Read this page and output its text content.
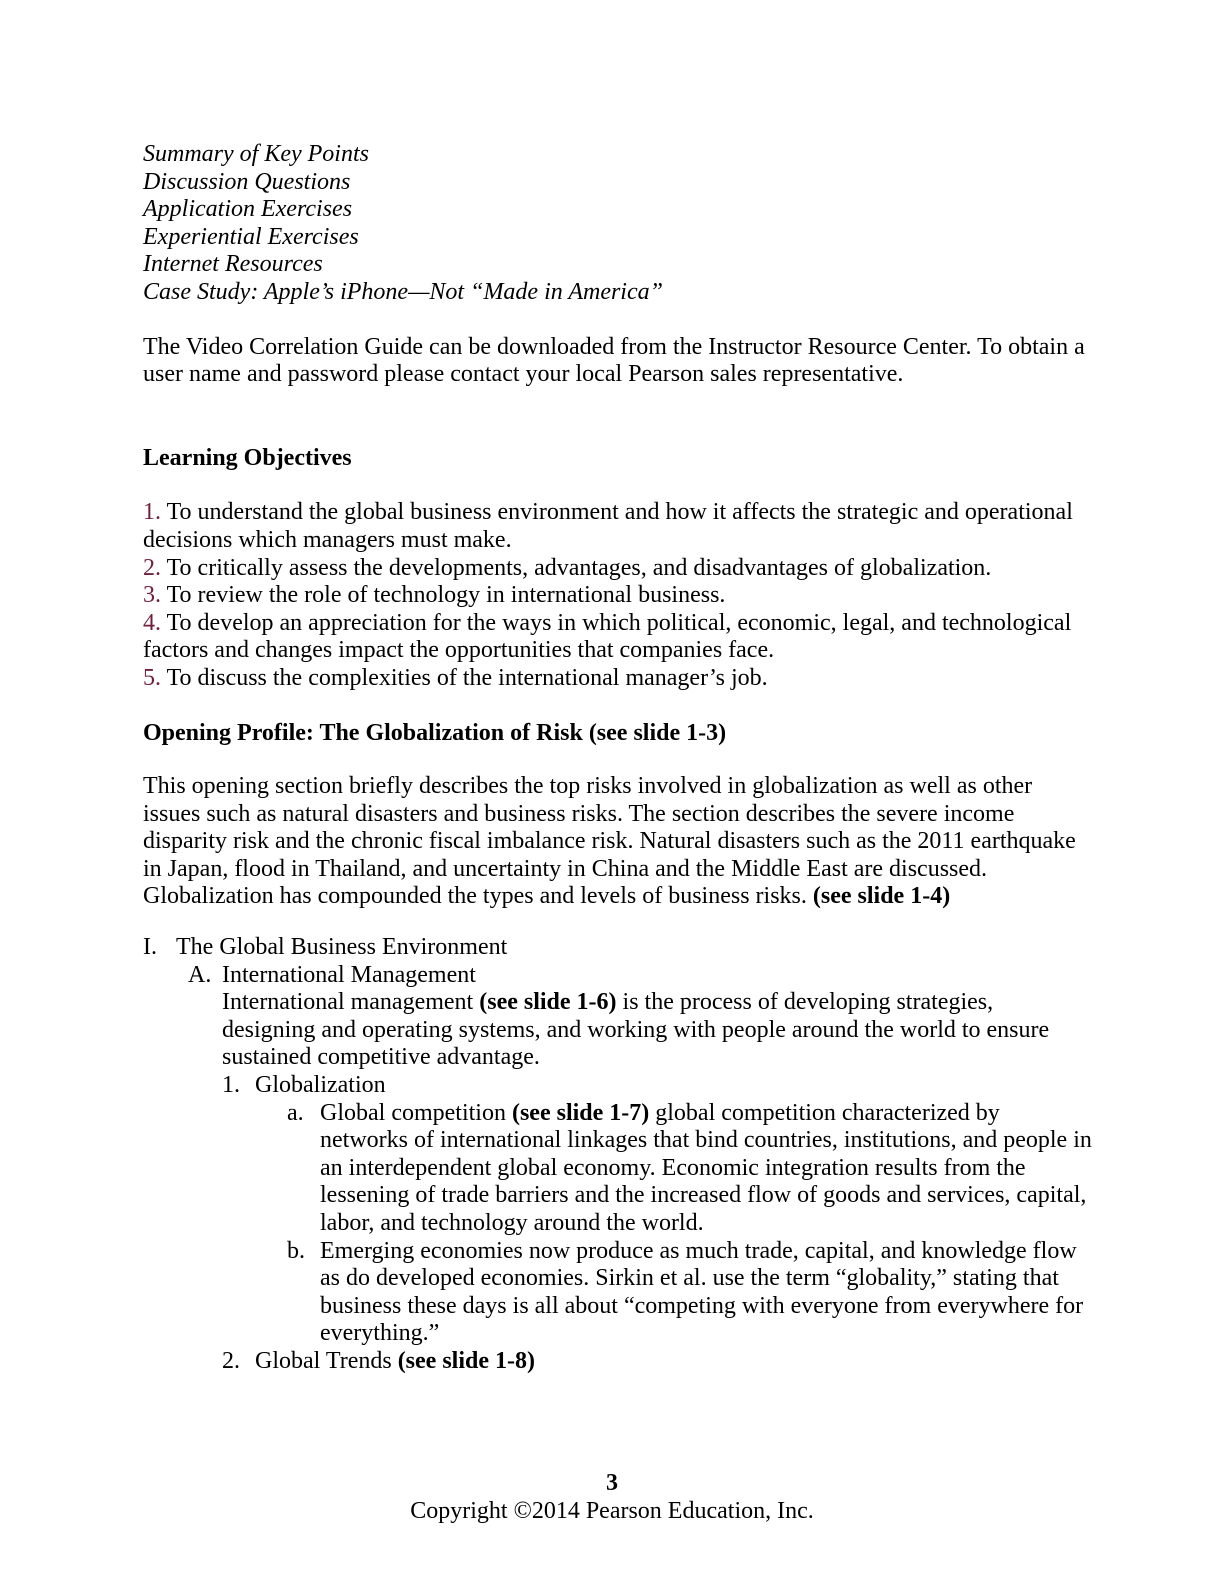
Summary of Key Points

Discussion Questions

Application Exercises

Experiential Exercises

Internet Resources

Case Study: Apple’s iPhone—Not “Made in America”

The Video Correlation Guide can be downloaded from the Instructor Resource Center. To obtain a user name and password please contact your local Pearson sales representative.

Learning Objectives

1. To understand the global business environment and how it affects the strategic and operational decisions which managers must make.

2. To critically assess the developments, advantages, and disadvantages of globalization.

3. To review the role of technology in international business.

4. To develop an appreciation for the ways in which political, economic, legal, and technological factors and changes impact the opportunities that companies face.

5. To discuss the complexities of the international manager’s job.

Opening Profile: The Globalization of Risk (see slide 1-3)

This opening section briefly describes the top risks involved in globalization as well as other issues such as natural disasters and business risks. The section describes the severe income disparity risk and the chronic fiscal imbalance risk. Natural disasters such as the 2011 earthquake in Japan, flood in Thailand, and uncertainty in China and the Middle East are discussed. Globalization has compounded the types and levels of business risks. (see slide 1-4)

I. The Global Business Environment
A. International Management

International management (see slide 1-6) is the process of developing strategies, designing and operating systems, and working with people around the world to ensure sustained competitive advantage.

1. Globalization
a. Global competition (see slide 1-7) global competition characterized by networks of international linkages that bind countries, institutions, and people in an interdependent global economy. Economic integration results from the lessening of trade barriers and the increased flow of goods and services, capital, labor, and technology around the world.
b. Emerging economies now produce as much trade, capital, and knowledge flow as do developed economies. Sirkin et al. use the term “globality,” stating that business these days is all about “competing with everyone from everywhere for everything.”
2. Global Trends (see slide 1-8)
3
Copyright ©2014 Pearson Education, Inc.
